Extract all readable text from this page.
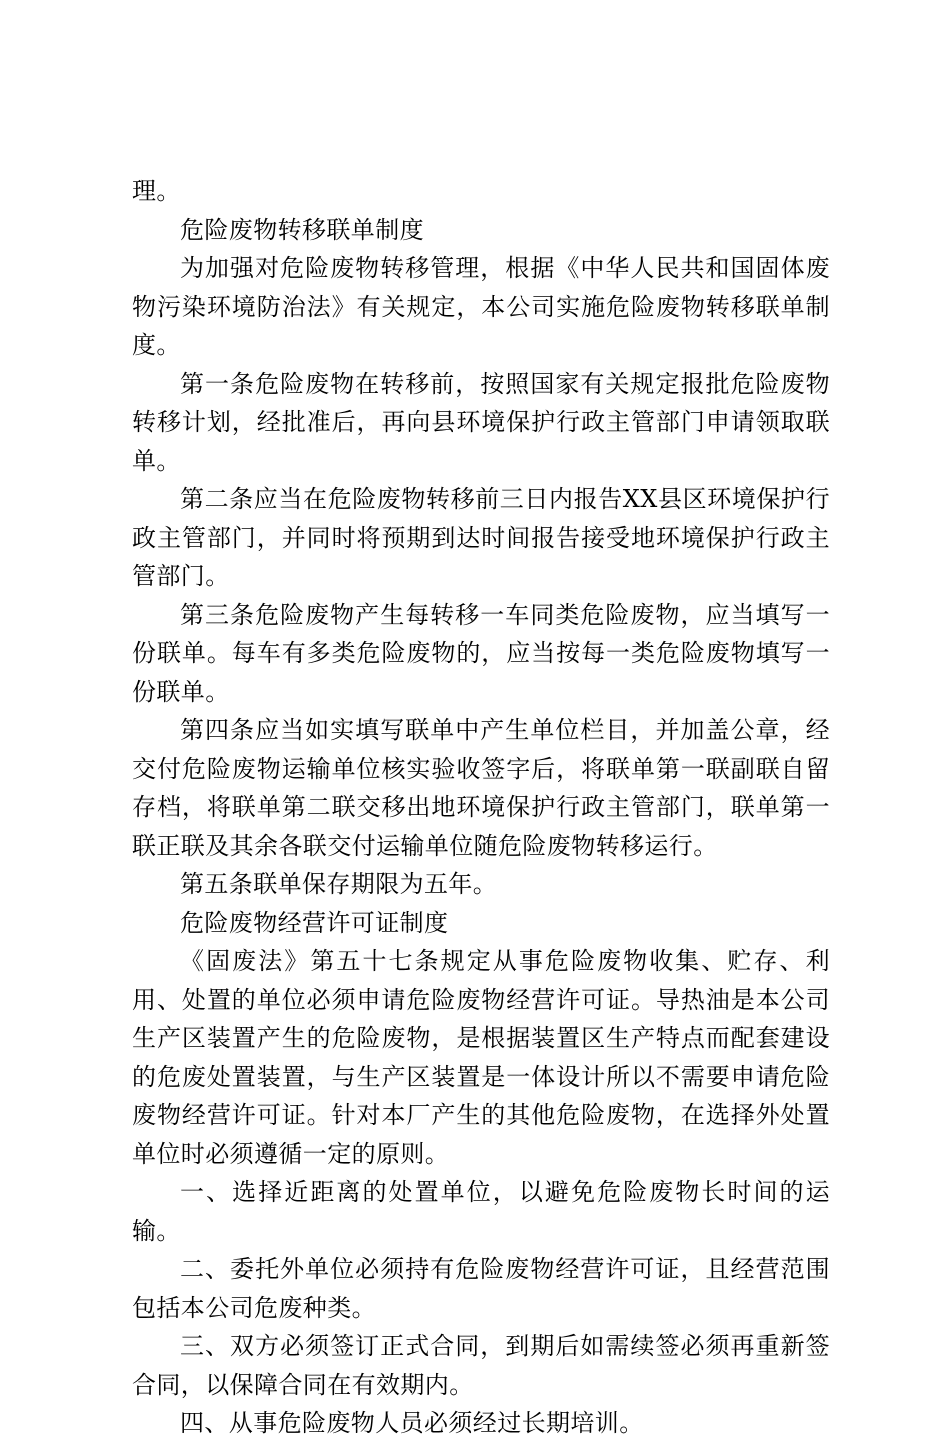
理。

危险废物转移联单制度

为加强对危险废物转移管理，根据《中华人民共和国固体废物污染环境防治法》有关规定，本公司实施危险废物转移联单制度。

第一条危险废物在转移前，按照国家有关规定报批危险废物转移计划，经批准后，再向县环境保护行政主管部门申请领取联单。

第二条应当在危险废物转移前三日内报告XX县区环境保护行政主管部门，并同时将预期到达时间报告接受地环境保护行政主管部门。

第三条危险废物产生每转移一车同类危险废物，应当填写一份联单。每车有多类危险废物的，应当按每一类危险废物填写一份联单。

第四条应当如实填写联单中产生单位栏目，并加盖公章，经交付危险废物运输单位核实验收签字后，将联单第一联副联自留存档，将联单第二联交移出地环境保护行政主管部门，联单第一联正联及其余各联交付运输单位随危险废物转移运行。

第五条联单保存期限为五年。

危险废物经营许可证制度

《固废法》第五十七条规定从事危险废物收集、贮存、利用、处置的单位必须申请危险废物经营许可证。导热油是本公司生产区装置产生的危险废物，是根据装置区生产特点而配套建设的危废处置装置，与生产区装置是一体设计所以不需要申请危险废物经营许可证。针对本厂产生的其他危险废物，在选择外处置单位时必须遵循一定的原则。

一、选择近距离的处置单位，以避免危险废物长时间的运输。

二、委托外单位必须持有危险废物经营许可证，且经营范围包括本公司危废种类。

三、双方必须签订正式合同，到期后如需续签必须再重新签合同，以保障合同在有效期内。

四、从事危险废物人员必须经过长期培训。
